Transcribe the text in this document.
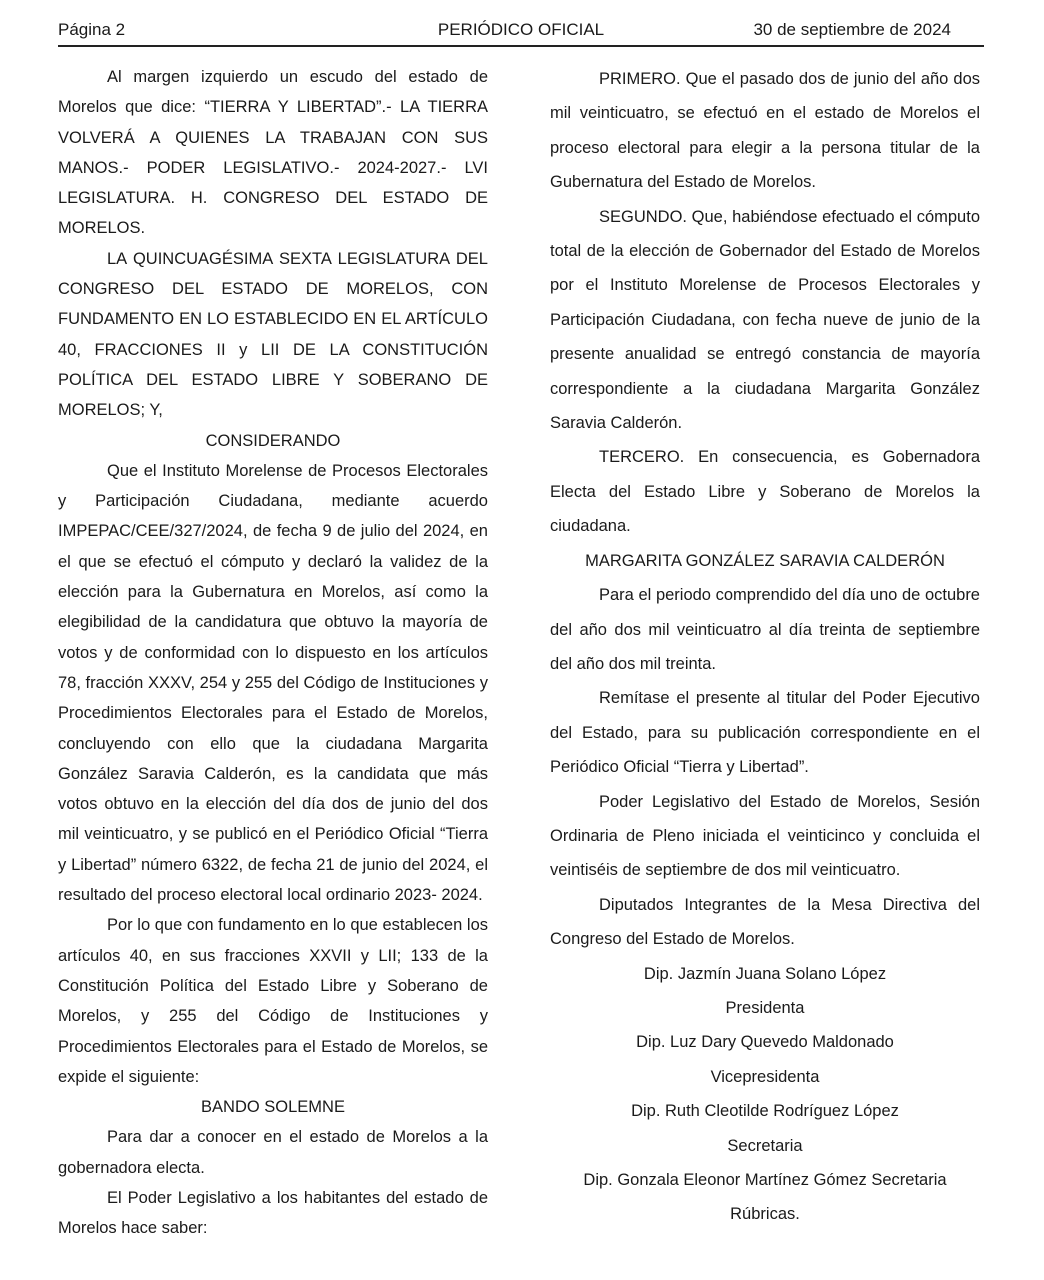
Página 2	PERIÓDICO OFICIAL	30 de septiembre de 2024

Al margen izquierdo un escudo del estado de Morelos que dice: “TIERRA Y LIBERTAD”.- LA TIERRA VOLVERÁ A QUIENES LA TRABAJAN CON SUS MANOS.- PODER LEGISLATIVO.- 2024-2027.- LVI LEGISLATURA. H. CONGRESO DEL ESTADO DE MORELOS.

LA QUINCUAGÉSIMA SEXTA LEGISLATURA DEL CONGRESO DEL ESTADO DE MORELOS, CON FUNDAMENTO EN LO ESTABLECIDO EN EL ARTÍCULO 40, FRACCIONES II y LII DE LA CONSTITUCIÓN POLÍTICA DEL ESTADO LIBRE Y SOBERANO DE MORELOS; Y,

CONSIDERANDO

Que el Instituto Morelense de Procesos Electorales y Participación Ciudadana, mediante acuerdo IMPEPAC/CEE/327/2024, de fecha 9 de julio del 2024, en el que se efectuó el cómputo y declaró la validez de la elección para la Gubernatura en Morelos, así como la elegibilidad de la candidatura que obtuvo la mayoría de votos y de conformidad con lo dispuesto en los artículos 78, fracción XXXV, 254 y 255 del Código de Instituciones y Procedimientos Electorales para el Estado de Morelos, concluyendo con ello que la ciudadana Margarita González Saravia Calderón, es la candidata que más votos obtuvo en la elección del día dos de junio del dos mil veinticuatro, y se publicó en el Periódico Oficial “Tierra y Libertad” número 6322, de fecha 21 de junio del 2024, el resultado del proceso electoral local ordinario 2023- 2024.

Por lo que con fundamento en lo que establecen los artículos 40, en sus fracciones XXVII y LII; 133 de la Constitución Política del Estado Libre y Soberano de Morelos, y 255 del Código de Instituciones y Procedimientos Electorales para el Estado de Morelos, se expide el siguiente:

BANDO SOLEMNE

Para dar a conocer en el estado de Morelos a la gobernadora electa.

El Poder Legislativo a los habitantes del estado de Morelos hace saber:

PRIMERO. Que el pasado dos de junio del año dos mil veinticuatro, se efectuó en el estado de Morelos el proceso electoral para elegir a la persona titular de la Gubernatura del Estado de Morelos.

SEGUNDO. Que, habiéndose efectuado el cómputo total de la elección de Gobernador del Estado de Morelos por el Instituto Morelense de Procesos Electorales y Participación Ciudadana, con fecha nueve de junio de la presente anualidad se entregó constancia de mayoría correspondiente a la ciudadana Margarita González Saravia Calderón.

TERCERO. En consecuencia, es Gobernadora Electa del Estado Libre y Soberano de Morelos la ciudadana.

MARGARITA GONZÁLEZ SARAVIA CALDERÓN

Para el periodo comprendido del día uno de octubre del año dos mil veinticuatro al día treinta de septiembre del año dos mil treinta.

Remítase el presente al titular del Poder Ejecutivo del Estado, para su publicación correspondiente en el Periódico Oficial “Tierra y Libertad”.

Poder Legislativo del Estado de Morelos, Sesión Ordinaria de Pleno iniciada el veinticinco y concluida el veintiséis de septiembre de dos mil veinticuatro.

Diputados Integrantes de la Mesa Directiva del Congreso del Estado de Morelos.

Dip. Jazmín Juana Solano López

Presidenta

Dip. Luz Dary Quevedo Maldonado

Vicepresidenta

Dip. Ruth Cleotilde Rodríguez López

Secretaria

Dip. Gonzala Eleonor Martínez Gómez Secretaria

Rúbricas.
